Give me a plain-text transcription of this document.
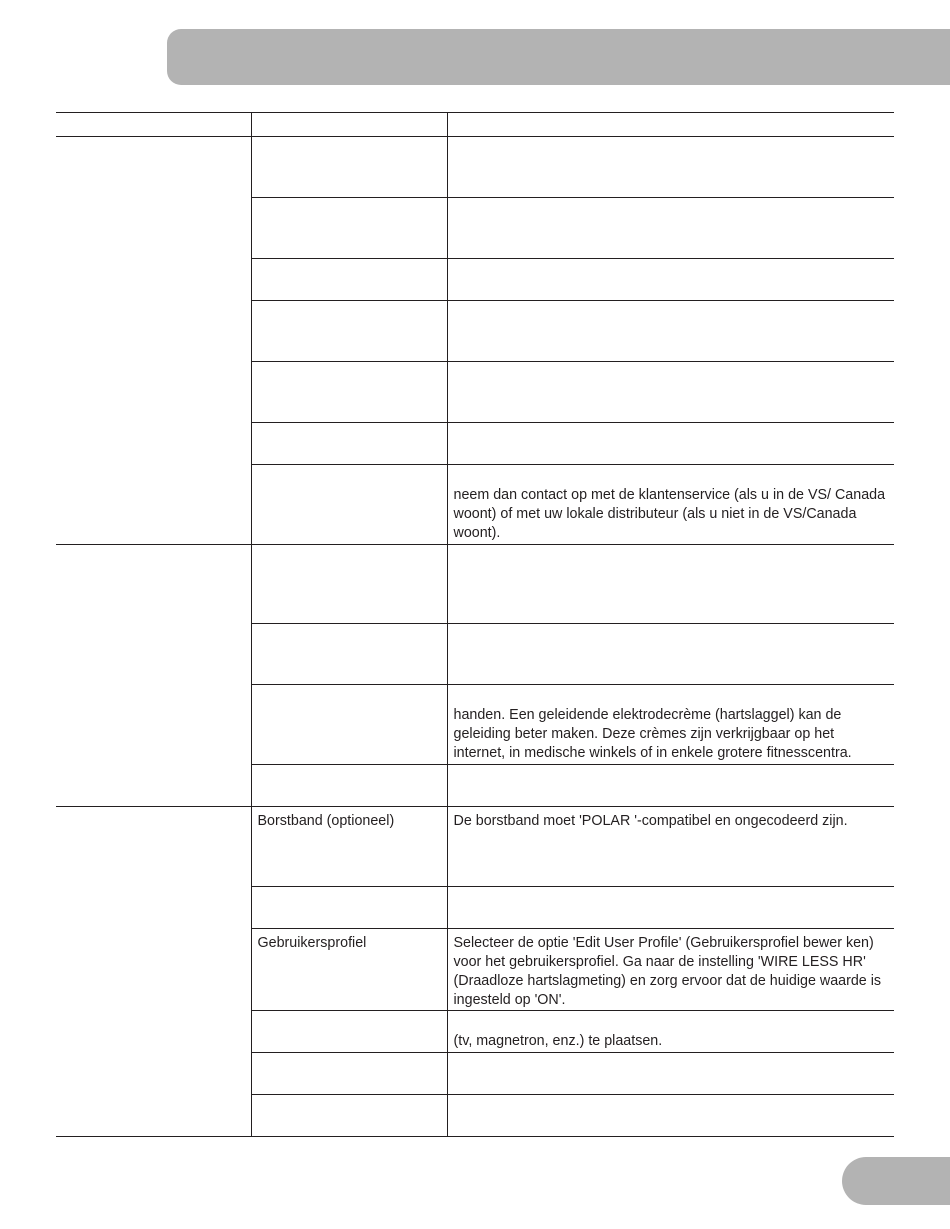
		neem dan contact op met de klantenservice (als u in de VS/ Canada woont) of met uw lokale distributeur (als u niet in de VS/Canada woont).

		handen. Een geleidende elektrodecrème (hartslaggel) kan de geleiding beter maken. Deze crèmes zijn verkrijgbaar op het internet, in medische winkels of in enkele grotere fitnesscentra.

	Borstband (optioneel)	De borstband moet 'POLAR '-compatibel en ongecodeerd zijn.

	Gebruikersprofiel	Selecteer de optie 'Edit User Profile' (Gebruikersprofiel bewer ken) voor het gebruikersprofiel. Ga naar de instelling 'WIRE LESS HR' (Draadloze hartslagmeting) en zorg ervoor dat de huidige waarde is ingesteld op 'ON'.
		(tv, magnetron, enz.) te plaatsen.
